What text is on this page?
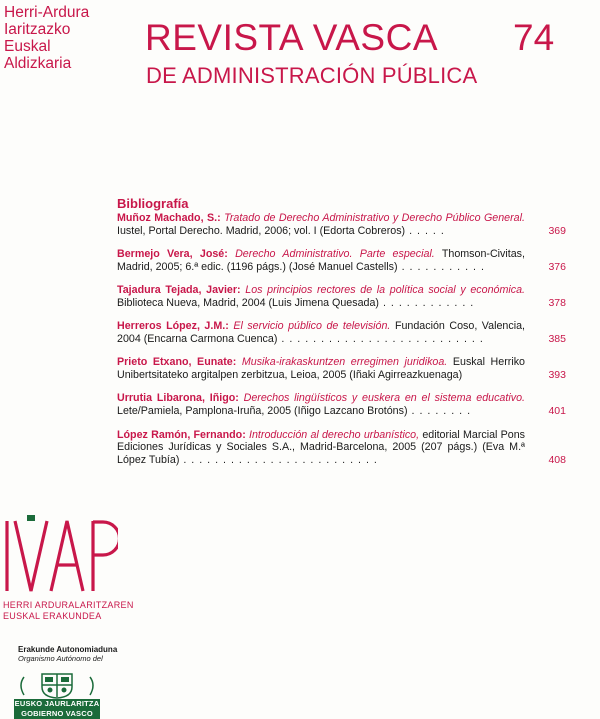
Herri-Ardura
Iaritzazko
Euskal
Aldizkaria
REVISTA VASCA 74
DE ADMINISTRACIÓN PÚBLICA
Bibliografía
Muñoz Machado, S.: Tratado de Derecho Administrativo y Derecho Público General. Iustel, Portal Derecho. Madrid, 2006; vol. I (Edorta Cobreros) . . . . .	369
Bermejo Vera, José: Derecho Administrativo. Parte especial. Thomson-Civitas, Madrid, 2005; 6.ª edic. (1196 págs.) (José Manuel Castells) . . . . . . . . . . .	376
Tajadura Tejada, Javier: Los principios rectores de la política social y económica. Biblioteca Nueva, Madrid, 2004 (Luis Jimena Quesada) . . . . . . . . . . . .	378
Herreros López, J.M.: El servicio público de televisión. Fundación Coso, Valencia, 2004 (Encarna Carmona Cuenca) . . . . . . . . . . . . . . . . . . . . . . . . . .	385
Prieto Etxano, Eunate: Musika-irakaskuntzen erregimen juridikoa. Euskal Herriko Unibertsitateko argitalpen zerbitzua, Leioa, 2005 (Iñaki Agirreazkuenaga)	393
Urrutia Libarona, Iñigo: Derechos lingüísticos y euskera en el sistema educativo. Lete/Pamiela, Pamplona-Iruña, 2005 (Iñigo Lazcano Brotóns) . . . . . . . .	401
López Ramón, Fernando: Introducción al derecho urbanístico, editorial Marcial Pons Ediciones Jurídicas y Sociales S.A., Madrid-Barcelona, 2005 (207 págs.) (Eva M.ª López Tubía) . . . . . . . . . . . . . . . . . . . . . . . . .	408
HERRI ARDURALARITZAREN
EUSKAL ERAKUNDEA
Erakunde Autonomiaduna
Organismo Autónomo del
EUSKO JAURLARITZA
GOBIERNO VASCO
